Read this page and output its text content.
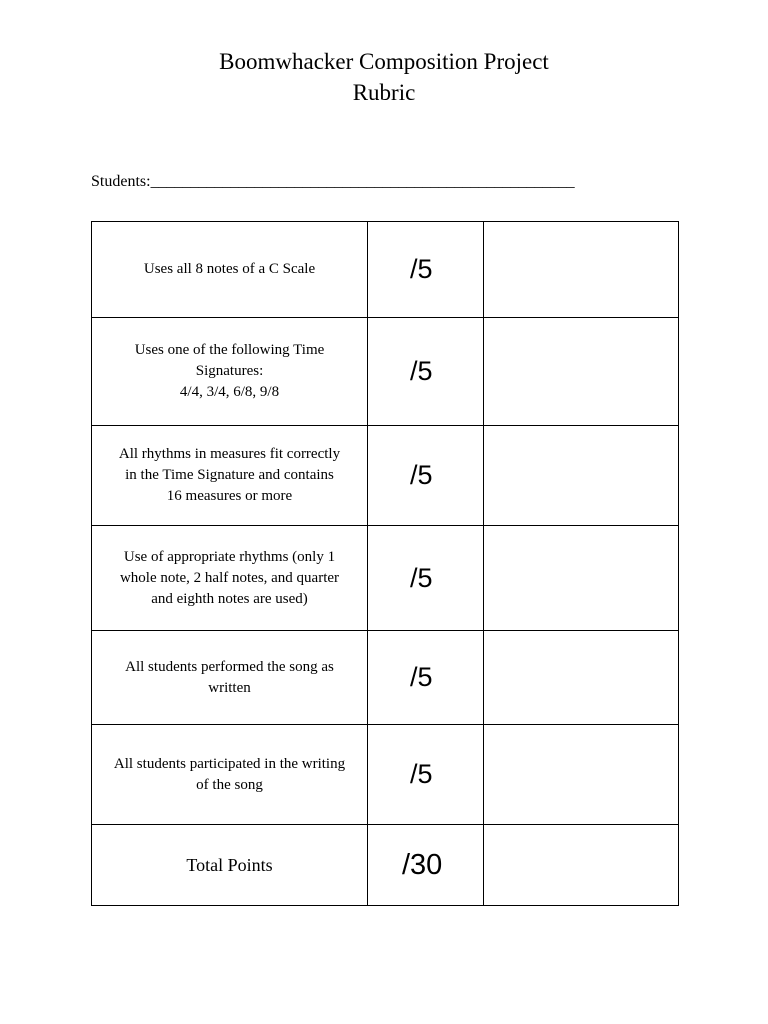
Boomwhacker Composition Project
Rubric
Students:_____________________________________________________
Uses all 8 notes of a C Scale	/5	

Uses one of the following Time
Signatures:
4/4, 3/4, 6/8, 9/8	/5	

All rhythms in measures fit correctly
in the Time Signature and contains
16 measures or more	/5	

Use of appropriate rhythms (only 1
whole note, 2 half notes, and quarter
and eighth notes are used)	/5	

All students performed the song as
written	/5	

All students participated in the writing
of the song	/5	

Total Points	/30	
